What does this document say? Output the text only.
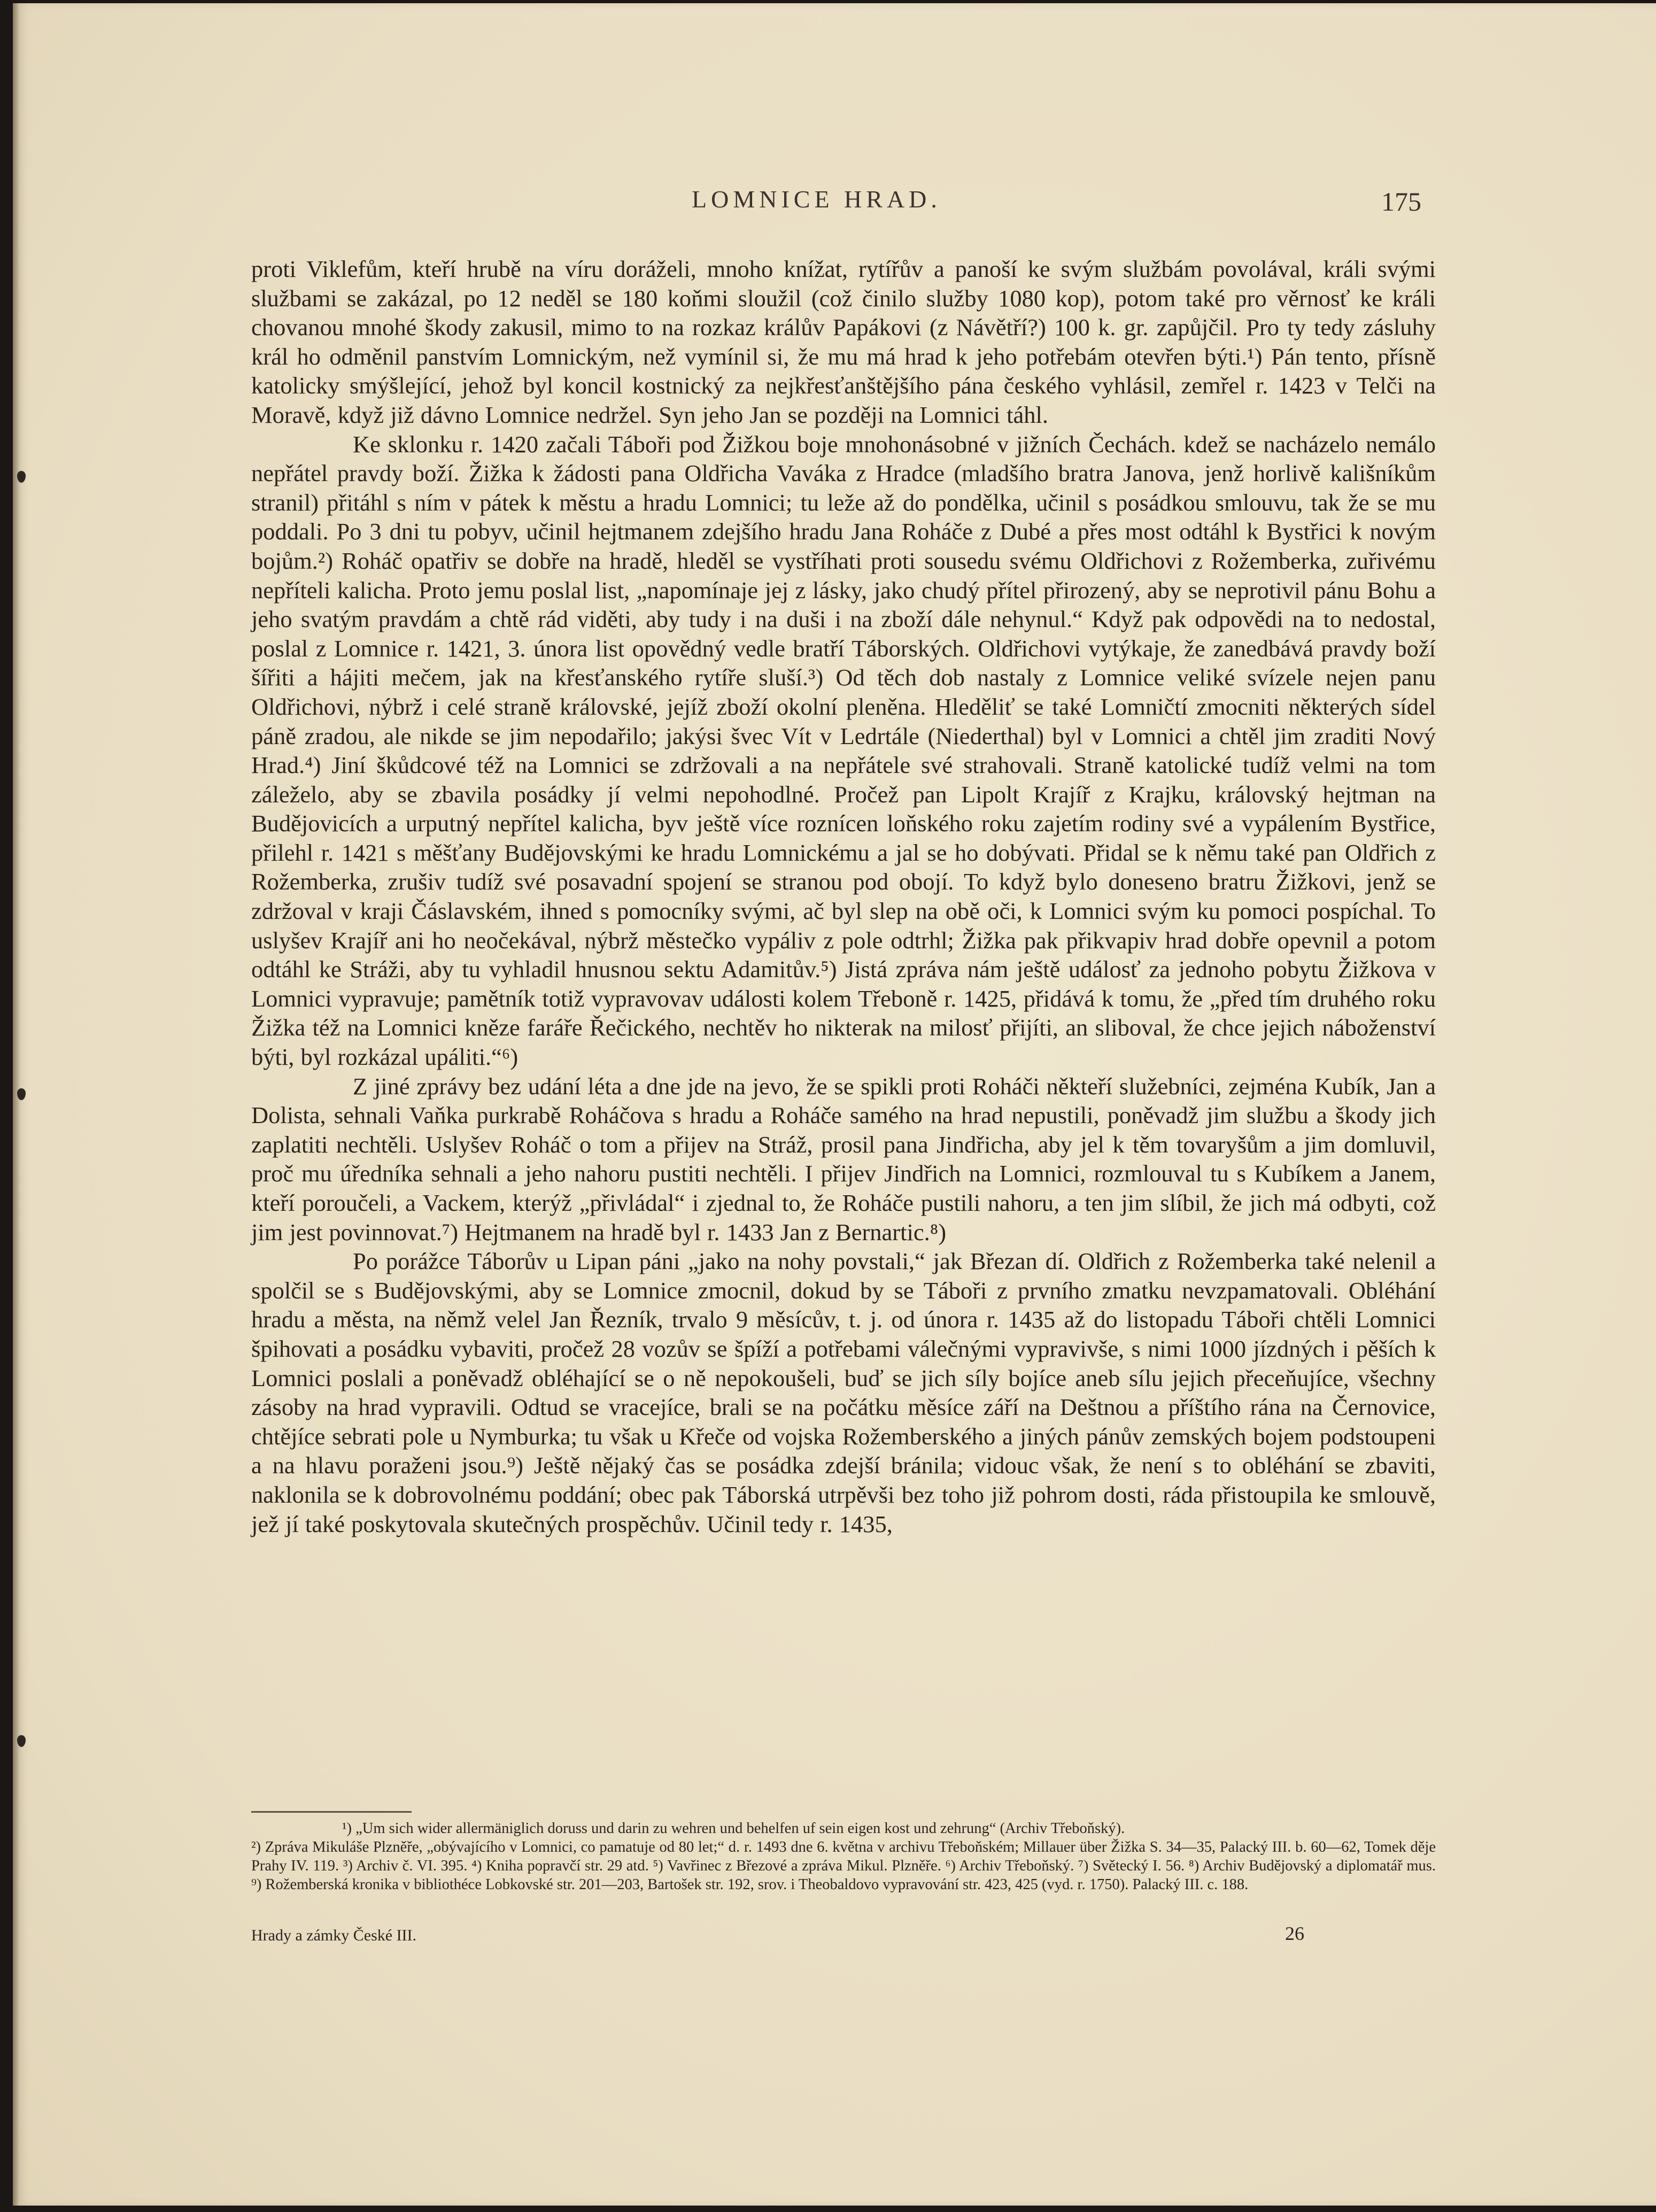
LOMNICE HRAD.	175

proti Viklefům, kteří hrubě na víru doráželi, mnoho knížat, rytířův a panoší ke svým službám povolával, králi svými službami se zakázal, po 12 neděl se 180 koňmi sloužil (což činilo služby 1080 kop), potom také pro věrnosť ke králi chovanou mnohé škody zakusil, mimo to na rozkaz králův Papákovi (z Návětří?) 100 k. gr. zapůjčil. Pro ty tedy zásluhy král ho odměnil panstvím Lomnickým, než vymínil si, že mu má hrad k jeho potřebám otevřen býti.¹) Pán tento, přísně katolicky smýšlející, jehož byl koncil kostnický za nejkřesťanštějšího pána českého vyhlásil, zemřel r. 1423 v Telči na Moravě, když již dávno Lomnice nedržel. Syn jeho Jan se později na Lomnici táhl.

Ke sklonku r. 1420 začali Táboři pod Žižkou boje mnohonásobné v jižních Čechách. kdež se nacházelo nemálo nepřátel pravdy boží. Žižka k žádosti pana Oldřicha Vaváka z Hradce (mladšího bratra Janova, jenž horlivě kališníkům stranil) přitáhl s ním v pátek k městu a hradu Lomnici; tu leže až do pondělka, učinil s posádkou smlouvu, tak že se mu poddali. Po 3 dni tu pobyv, učinil hejtmanem zdejšího hradu Jana Roháče z Dubé a přes most odtáhl k Bystřici k novým bojům.²) Roháč opatřiv se dobře na hradě, hleděl se vystříhati proti sousedu svému Oldřichovi z Rožemberka, zuřivému nepříteli kalicha. Proto jemu poslal list, „napomínaje jej z lásky, jako chudý přítel přirozený, aby se neprotivil pánu Bohu a jeho svatým pravdám a chtě rád viděti, aby tudy i na duši i na zboží dále nehynul.“ Když pak odpovědi na to nedostal, poslal z Lomnice r. 1421, 3. února list opovědný vedle bratří Táborských. Oldřichovi vytýkaje, že zanedbává pravdy boží šířiti a hájiti mečem, jak na křesťanského rytíře sluší.³) Od těch dob nastaly z Lomnice veliké svízele nejen panu Oldřichovi, nýbrž i celé straně královské, jejíž zboží okolní pleněna. Hleděliť se také Lomničtí zmocniti některých sídel páně zradou, ale nikde se jim nepodařilo; jakýsi švec Vít v Ledrtále (Niederthal) byl v Lomnici a chtěl jim zraditi Nový Hrad.⁴) Jiní škůdcové též na Lomnici se zdržovali a na nepřátele své strahovali. Straně katolické tudíž velmi na tom záleželo, aby se zbavila posádky jí velmi nepohodlné. Pročež pan Lipolt Krajíř z Krajku, královský hejtman na Budějovicích a urputný nepřítel kalicha, byv ještě více roznícen loňského roku zajetím rodiny své a vypálením Bystřice, přilehl r. 1421 s měšťany Budějovskými ke hradu Lomnickému a jal se ho dobývati. Přidal se k němu také pan Oldřich z Rožemberka, zrušiv tudíž své posavadní spojení se stranou pod obojí. To když bylo doneseno bratru Žižkovi, jenž se zdržoval v kraji Čáslavském, ihned s pomocníky svými, ač byl slep na obě oči, k Lomnici svým ku pomoci pospíchal. To uslyšev Krajíř ani ho neočekával, nýbrž městečko vypáliv z pole odtrhl; Žižka pak přikvapiv hrad dobře opevnil a potom odtáhl ke Stráži, aby tu vyhladil hnusnou sektu Adamitův.⁵) Jistá zpráva nám ještě událosť za jednoho pobytu Žižkova v Lomnici vypravuje; pamětník totiž vypravovav události kolem Třeboně r. 1425, přidává k tomu, že „před tím druhého roku Žižka též na Lomnici kněze faráře Řečického, nechtěv ho nikterak na milosť přijíti, an sliboval, že chce jejich náboženství býti, byl rozkázal upáliti.“⁶)

Z jiné zprávy bez udání léta a dne jde na jevo, že se spikli proti Roháči někteří služebníci, zejména Kubík, Jan a Dolista, sehnali Vaňka purkrabě Roháčova s hradu a Roháče samého na hrad nepustili, poněvadž jim službu a škody jich zaplatiti nechtěli. Uslyšev Roháč o tom a přijev na Stráž, prosil pana Jindřicha, aby jel k těm tovaryšům a jim domluvil, proč mu úředníka sehnali a jeho nahoru pustiti nechtěli. I přijev Jindřich na Lomnici, rozmlouval tu s Kubíkem a Janem, kteří poroučeli, a Vackem, kterýž „přivládal“ i zjednal to, že Roháče pustili nahoru, a ten jim slíbil, že jich má odbyti, což jim jest povinnovat.⁷) Hejtmanem na hradě byl r. 1433 Jan z Bernartic.⁸)

Po porážce Táborův u Lipan páni „jako na nohy povstali,“ jak Březan dí. Oldřich z Rožemberka také nelenil a spolčil se s Budějovskými, aby se Lomnice zmocnil, dokud by se Táboři z prvního zmatku nevzpamatovali. Obléhání hradu a města, na němž velel Jan Řezník, trvalo 9 měsícův, t. j. od února r. 1435 až do listopadu Táboři chtěli Lomnici špihovati a posádku vybaviti, pročež 28 vozův se špíží a potřebami válečnými vypravivše, s nimi 1000 jízdných i pěších k Lomnici poslali a poněvadž obléhající se o ně nepokoušeli, buď se jich síly bojíce aneb sílu jejich přeceňujíce, všechny zásoby na hrad vypravili. Odtud se vracejíce, brali se na počátku měsíce září na Deštnou a příštího rána na Černovice, chtějíce sebrati pole u Nymburka; tu však u Křeče od vojska Rožemberského a jiných pánův zemských bojem podstoupeni a na hlavu poraženi jsou.⁹) Ještě nějaký čas se posádka zdejší bránila; vidouc však, že není s to obléhání se zbaviti, naklonila se k dobrovolnému poddání; obec pak Táborská utrpěvši bez toho již pohrom dosti, ráda přistoupila ke smlouvě, jež jí také poskytovala skutečných prospěchův. Učinil tedy r. 1435,

¹) „Um sich wider allermäniglich doruss und darin zu wehren und behelfen uf sein eigen kost und zehrung“ (Archiv Třeboňský).

²) Zpráva Mikuláše Plzněře, „obývajícího v Lomnici, co pamatuje od 80 let;“ d. r. 1493 dne 6. května v archivu Třeboňském; Millauer über Žižka S. 34—35, Palacký III. b. 60—62, Tomek děje Prahy IV. 119. ³) Archiv č. VI. 395. ⁴) Kniha popravčí str. 29 atd. ⁵) Vavřinec z Březové a zpráva Mikul. Plzněře. ⁶) Archiv Třeboňský. ⁷) Světecký I. 56. ⁸) Archiv Budějovský a diplomatář mus. ⁹) Rožemberská kronika v bibliothéce Lobkovské str. 201—203, Bartošek str. 192, srov. i Theobaldovo vypravování str. 423, 425 (vyd. r. 1750). Palacký III. c. 188.

Hrady a zámky České III.	26
